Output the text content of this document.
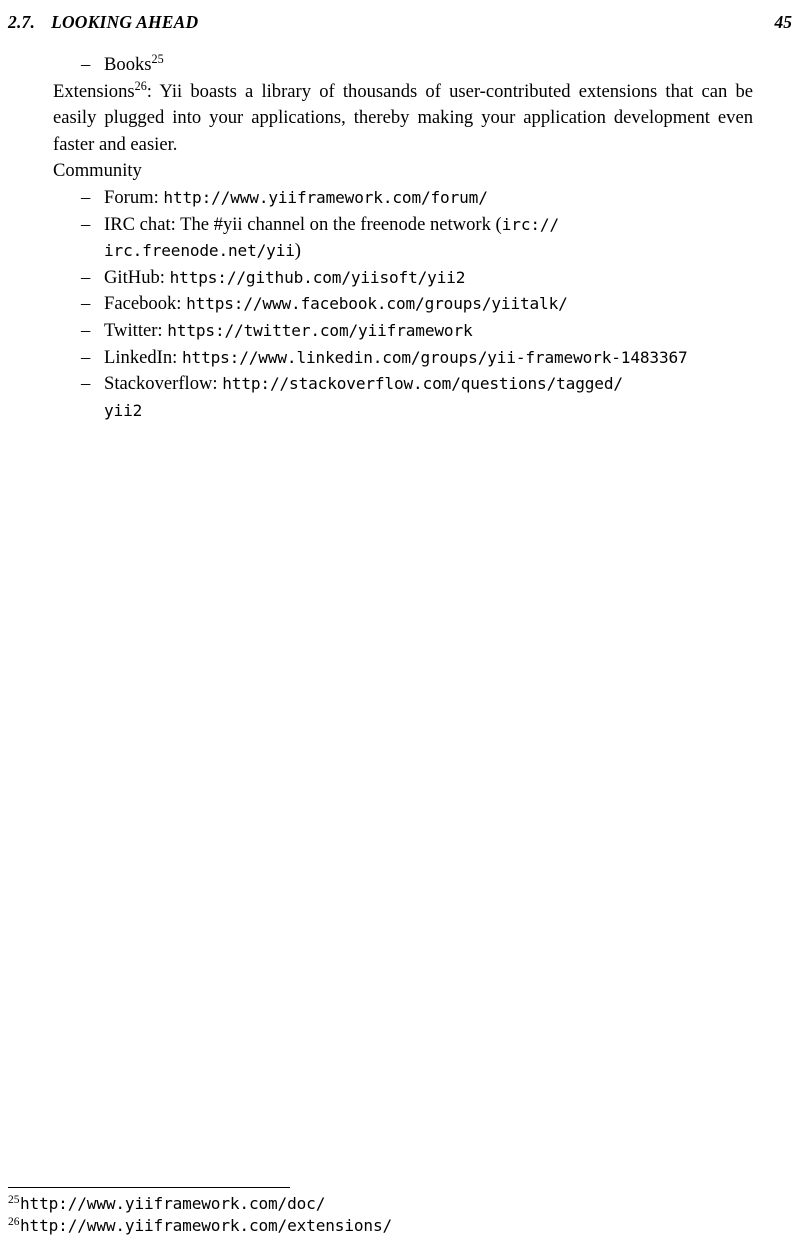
2.7. LOOKING AHEAD	45
– Books$^{25}$

Extensions$^{26}$: Yii boasts a library of thousands of user-contributed extensions that can be easily plugged into your applications, thereby making your application development even faster and easier.

Community

– Forum: http://www.yiiframework.com/forum/
– IRC chat: The #yii channel on the freenode network (irc://
irc.freenode.net/yii)
– GitHub: https://github.com/yiisoft/yii2
– Facebook: https://www.facebook.com/groups/yiitalk/
– Twitter: https://twitter.com/yiiframework
– LinkedIn: https://www.linkedin.com/groups/yii-framework-1483367
– Stackoverflow: http://stackoverflow.com/questions/tagged/
yii2
$^{25}$http://www.yiiframework.com/doc/
$^{26}$http://www.yiiframework.com/extensions/
